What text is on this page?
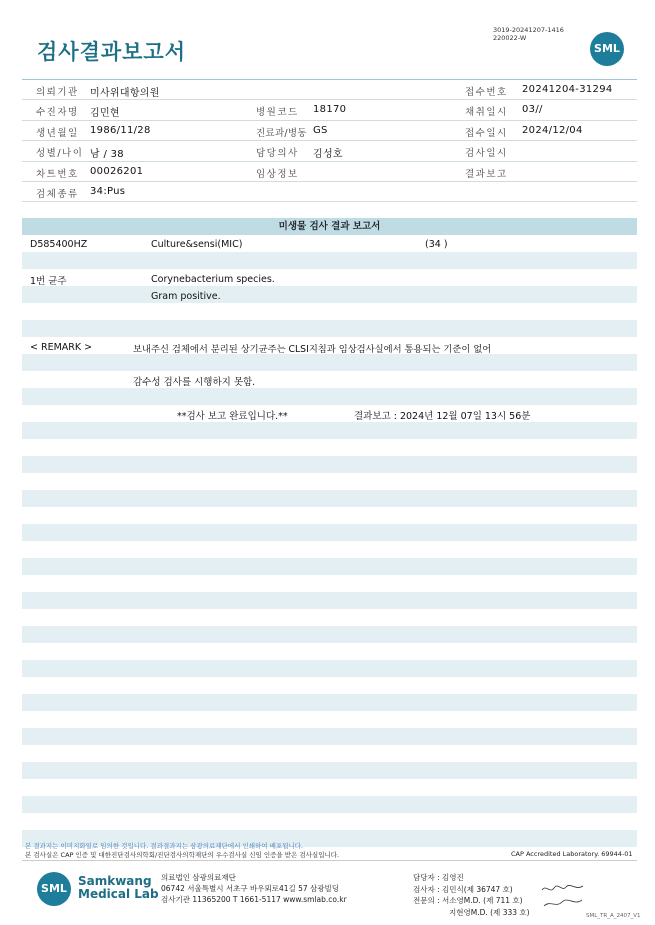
3019-20241207-1416
220022-W
검사결과보고서	SML
의뢰기관 미사위대항의원	접수번호 20241204-31294
수진자명 김민현	병원코드 18170	채취일시 03//
생년월일 1986/11/28	진료과/병동 GS	접수일시 2024/12/04
성별/나이 남 / 38	담당의사 김성호	검사일시
차트번호 00026201	임상정보	결과보고
검체종류 34:Pus
미생물 검사 결과 보고서
D585400HZ	Culture&sensi(MIC)	(34 )
1번 균주	Corynebacterium species.
Gram positive.
< REMARK >	보내주신 검체에서 분리된 상기균주는 CLSI지침과 임상검사실에서 통용되는 기준이 없어
감수성 검사를 시행하지 못함.
**검사 보고 완료입니다.**	결과보고 : 2024년 12월 07일 13시 56분
본 결과지는 이미지화일로 임의한 것입니다. 결과결과지는 삼광의료재단에서 인쇄하여 배포됩니다.
본 검사실은 CAP 인증 및 대한진단검사의학회/진단검사의학재단의 우수검사실 신임 인증을 받은 검사실입니다.	CAP Accredited Laboratory. 69944-01
SML
Samkwang
Medical Lab
의료법인 삼광의료재단
06742 서울특별시 서초구 바우뫼로41길 57 삼광빌딩
검사기관 11365200 T 1661-5117 www.smlab.co.kr
담당자 : 김영진
검사자 : 김민식(제 36747 호)
전문의 : 서소영M.D. (제 711 호)
지현영M.D. (제 333 호)	SML_TR_A_2407_V1
